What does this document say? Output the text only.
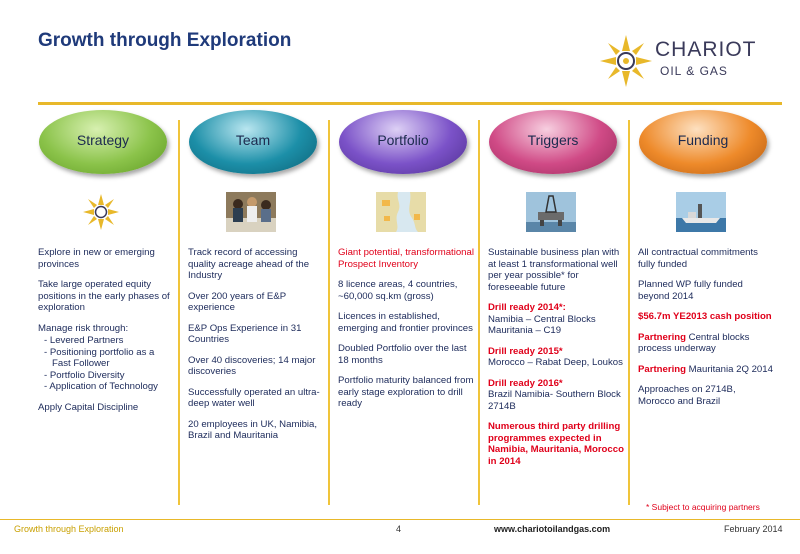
Growth through Exploration	CHARIOT
OIL & GAS
Strategy

Explore in new or emerging provinces

Take large operated equity positions in the early phases of exploration

Manage risk through:

- Levered Partners

- Positioning portfolio as a Fast Follower

- Portfolio Diversity

- Application of Technology

Apply Capital Discipline

Team

Track record of accessing quality acreage ahead of the Industry

Over 200 years of E&P experience

E&P Ops Experience in 31 Countries

Over 40 discoveries; 14 major discoveries

Successfully operated an ultra- deep water well

20 employees in UK, Namibia, Brazil and Mauritania

Portfolio

Giant potential, transformational Prospect Inventory

8 licence areas, 4 countries, ~60,000 sq.km (gross)

Licences in established, emerging and frontier provinces

Doubled Portfolio over the last 18 months

Portfolio maturity balanced from early stage exploration to drill ready

Triggers

Sustainable business plan with at least 1 transformational well per year possible* for foreseeable future

Drill ready 2014*:
Namibia – Central Blocks Mauritania – C19

Drill ready 2015*
Morocco – Rabat Deep, Loukos

Drill ready 2016*
Brazil Namibia- Southern Block 2714B

Numerous third party drilling programmes expected in Namibia, Mauritania, Morocco in 2014

Funding

All contractual commitments fully funded

Planned WP fully funded beyond 2014

$56.7m YE2013 cash position

Partnering Central blocks process underway

Partnering Mauritania 2Q 2014

Approaches on 2714B, Morocco and Brazil

* Subject to acquiring partners
Growth through Exploration	4	www.chariotoilandgas.com	February 2014
